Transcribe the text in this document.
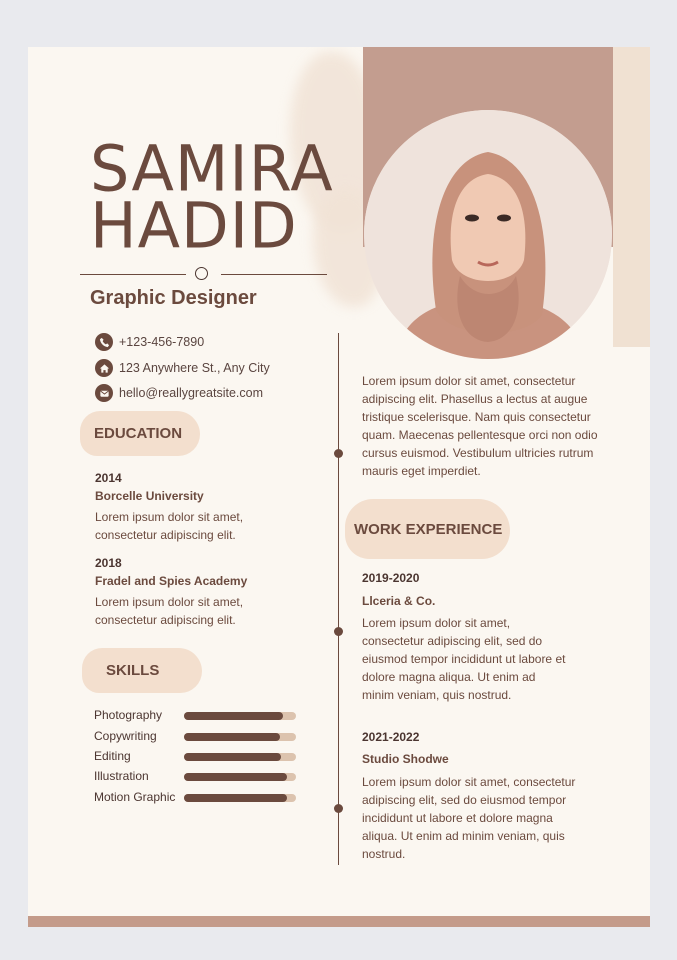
SAMIRA
HADID
Graphic Designer
+123-456-7890
123 Anywhere St., Any City
hello@reallygreatsite.com
EDUCATION
2014
Borcelle University
Lorem ipsum dolor sit amet, consectetur adipiscing elit.
2018
Fradel and Spies Academy
Lorem ipsum dolor sit amet, consectetur adipiscing elit.
SKILLS
Photography
Copywriting
Editing
Illustration
Motion Graphic
Lorem ipsum dolor sit amet, consectetur adipiscing elit. Phasellus a lectus at augue tristique scelerisque. Nam quis consectetur quam. Maecenas pellentesque orci non odio cursus euismod. Vestibulum ultricies rutrum mauris eget imperdiet.
WORK EXPERIENCE
2019-2020
Llceria & Co.
Lorem ipsum dolor sit amet, consectetur adipiscing elit, sed do eiusmod tempor incididunt ut labore et dolore magna aliqua. Ut enim ad minim veniam, quis nostrud.
2021-2022
Studio Shodwe
Lorem ipsum dolor sit amet, consectetur adipiscing elit, sed do eiusmod tempor incididunt ut labore et dolore magna aliqua. Ut enim ad minim veniam, quis nostrud.
